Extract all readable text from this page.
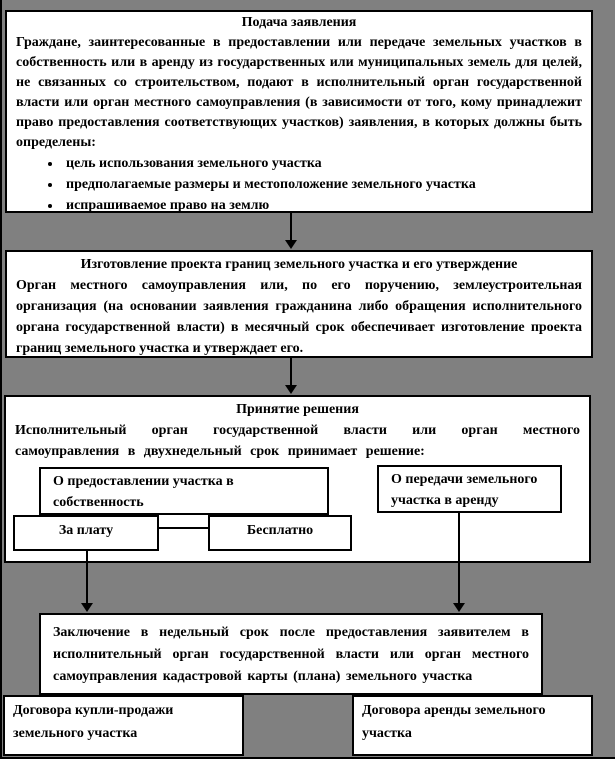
Подача заявления
Граждане, заинтересованные в предоставлении или передаче земельных участков в собственность или в аренду из государственных или муниципальных земель для целей, не связанных со строительством, подают в исполнительный орган государственной власти или орган местного самоуправления (в зависимости от того, кому принадлежит право предоставления соответствующих участков) заявления, в которых должны быть определены:
• цель использования земельного участка
• предполагаемые размеры и местоположение земельного участка
• испрашиваемое право на землю
Изготовление проекта границ земельного участка и его утверждение
Орган местного самоуправления или, по его поручению, землеустроительная организация (на основании заявления гражданина либо обращения исполнительного органа государственной власти) в месячный срок обеспечивает изготовление проекта границ земельного участка и утверждает его.
Принятие решения
Исполнительный орган государственной власти или орган местного самоуправления в двухнедельный срок принимает решение:
О предоставлении участка в собственность
О передачи земельного участка в аренду
За плату	Бесплатно
Заключение в недельный срок после предоставления заявителем в исполнительный орган государственной власти или орган местного самоуправления кадастровой карты (плана) земельного участка
Договора купли-продажи земельного участка
Договора аренды земельного участка
